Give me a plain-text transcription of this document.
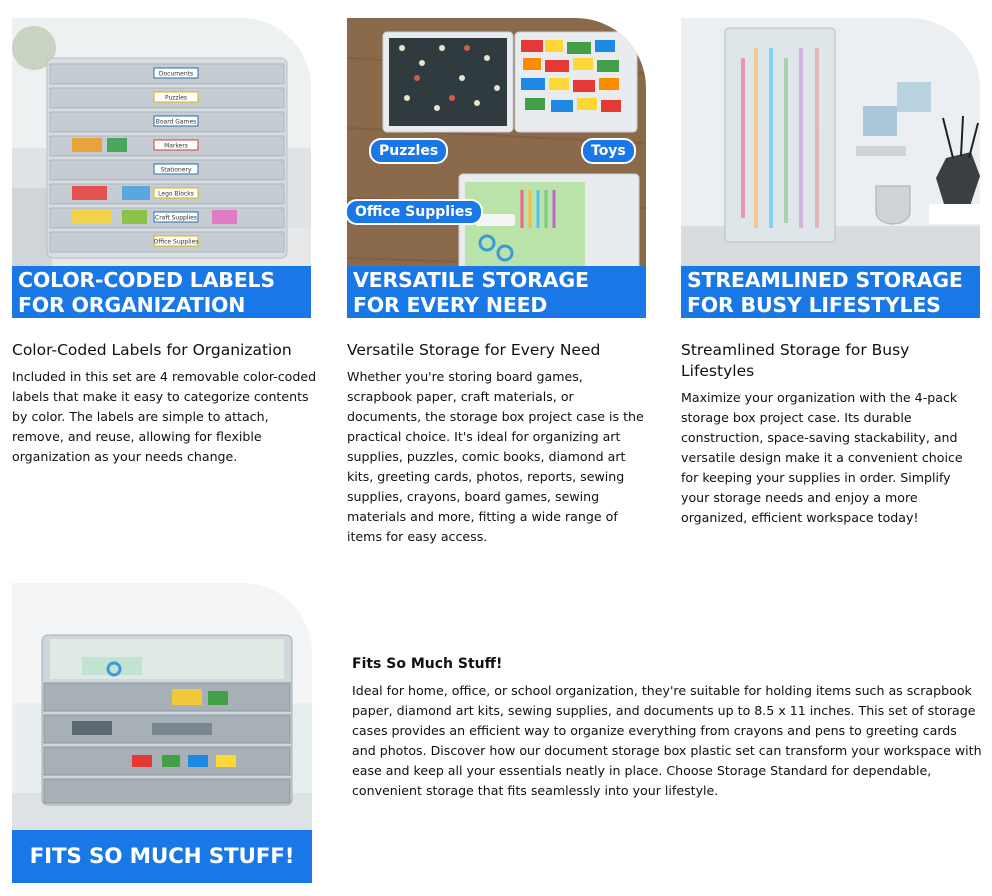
Documents
Puzzles
Board Games
Markers
Stationery
Lego Blocks
Craft Supplies
Office Supplies
COLOR-CODED LABELS
FOR ORGANIZATION
Color-Coded Labels for Organization

Included in this set are 4 removable color-coded labels that make it easy to categorize contents by color. The labels are simple to attach, remove, and reuse, allowing for flexible organization as your needs change.

Puzzles	Toys
Office Supplies
VERSATILE STORAGE
FOR EVERY NEED
Versatile Storage for Every Need

Whether you're storing board games, scrapbook paper, craft materials, or documents, the storage box project case is the practical choice. It's ideal for organizing art supplies, puzzles, comic books, diamond art kits, greeting cards, photos, reports, sewing supplies, crayons, board games, sewing materials and more, fitting a wide range of items for easy access.

STREAMLINED STORAGE
FOR BUSY LIFESTYLES
Streamlined Storage for Busy Lifestyles

Maximize your organization with the 4-pack storage box project case. Its durable construction, space-saving stackability, and versatile design make it a convenient choice for keeping your supplies in order. Simplify your storage needs and enjoy a more organized, efficient workspace today!

FITS SO MUCH STUFF!
Fits So Much Stuff!

Ideal for home, office, or school organization, they're suitable for holding items such as scrapbook paper, diamond art kits, sewing supplies, and documents up to 8.5 x 11 inches. This set of storage cases provides an efficient way to organize everything from crayons and pens to greeting cards and photos. Discover how our document storage box plastic set can transform your workspace with ease and keep all your essentials neatly in place. Choose Storage Standard for dependable, convenient storage that fits seamlessly into your lifestyle.
